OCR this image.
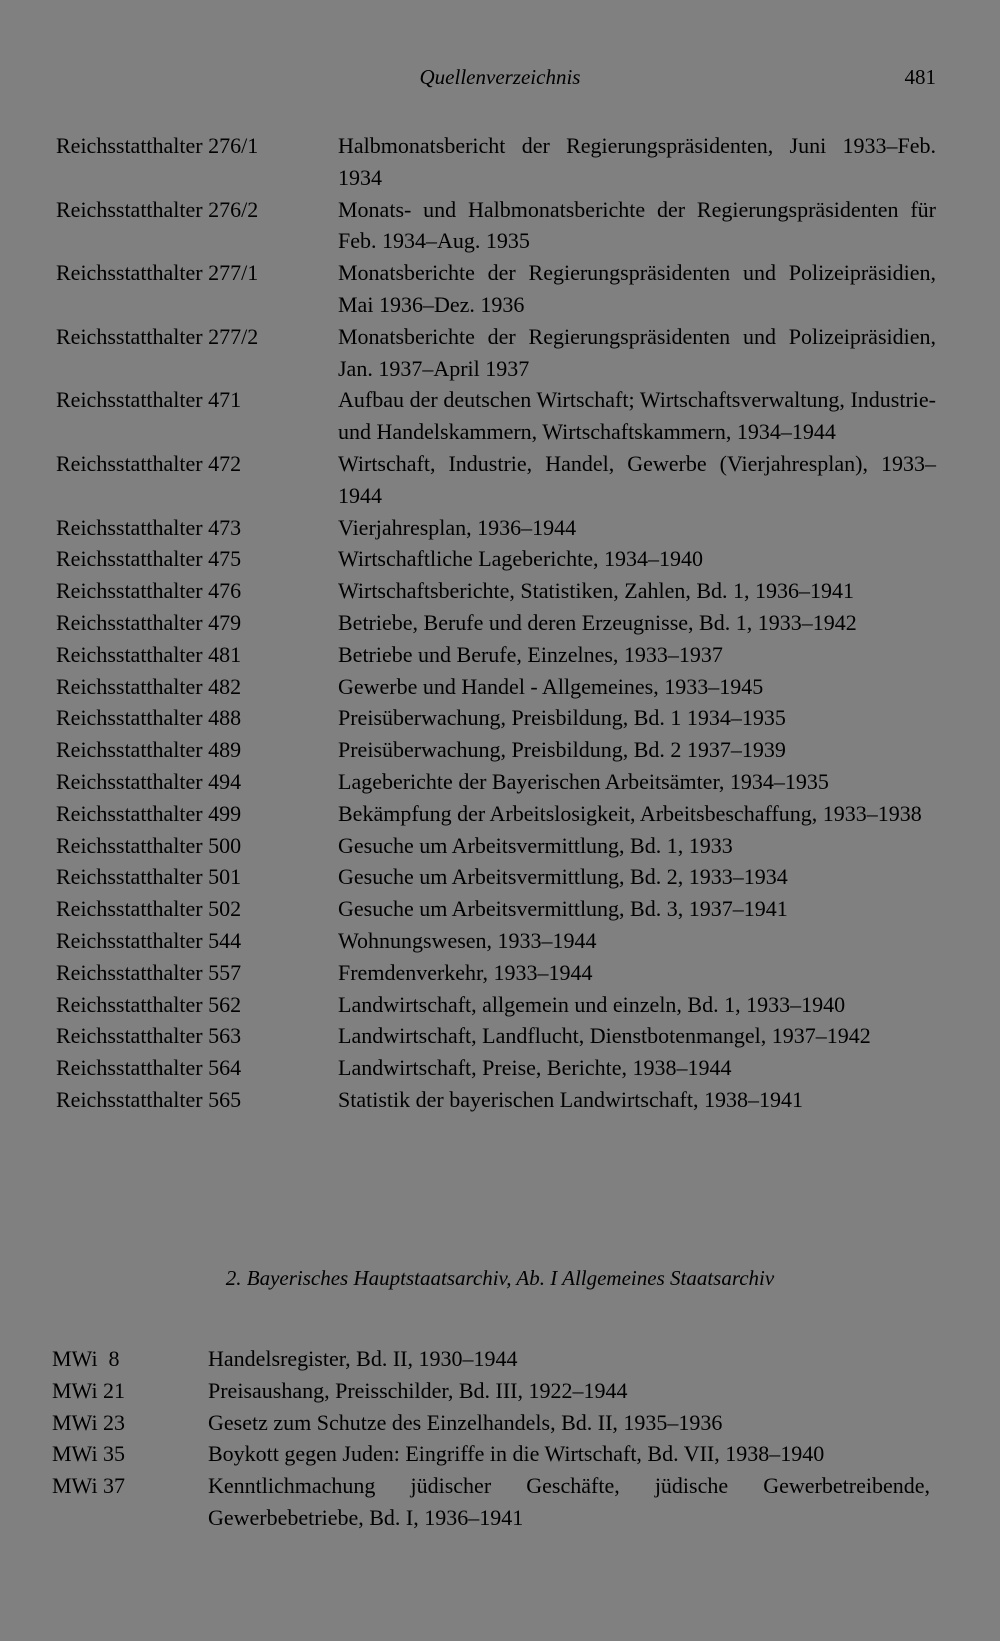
Quellenverzeichnis	481
Reichsstatthalter 276/1	Halbmonatsbericht der Regierungspräsidenten, Juni 1933–Feb. 1934
Reichsstatthalter 276/2	Monats- und Halbmonatsberichte der Regierungspräsidenten für Feb. 1934–Aug. 1935
Reichsstatthalter 277/1	Monatsberichte der Regierungspräsidenten und Polizeipräsidien, Mai 1936–Dez. 1936
Reichsstatthalter 277/2	Monatsberichte der Regierungspräsidenten und Polizeipräsidien, Jan. 1937–April 1937
Reichsstatthalter 471	Aufbau der deutschen Wirtschaft; Wirtschaftsverwaltung, Industrie- und Handelskammern, Wirtschaftskammern, 1934–1944
Reichsstatthalter 472	Wirtschaft, Industrie, Handel, Gewerbe (Vierjahresplan), 1933–1944
Reichsstatthalter 473	Vierjahresplan, 1936–1944
Reichsstatthalter 475	Wirtschaftliche Lageberichte, 1934–1940
Reichsstatthalter 476	Wirtschaftsberichte, Statistiken, Zahlen, Bd. 1, 1936–1941
Reichsstatthalter 479	Betriebe, Berufe und deren Erzeugnisse, Bd. 1, 1933–1942
Reichsstatthalter 481	Betriebe und Berufe, Einzelnes, 1933–1937
Reichsstatthalter 482	Gewerbe und Handel - Allgemeines, 1933–1945
Reichsstatthalter 488	Preisüberwachung, Preisbildung, Bd. 1 1934–1935
Reichsstatthalter 489	Preisüberwachung, Preisbildung, Bd. 2 1937–1939
Reichsstatthalter 494	Lageberichte der Bayerischen Arbeitsämter, 1934–1935
Reichsstatthalter 499	Bekämpfung der Arbeitslosigkeit, Arbeitsbeschaffung, 1933–1938
Reichsstatthalter 500	Gesuche um Arbeitsvermittlung, Bd. 1, 1933
Reichsstatthalter 501	Gesuche um Arbeitsvermittlung, Bd. 2, 1933–1934
Reichsstatthalter 502	Gesuche um Arbeitsvermittlung, Bd. 3, 1937–1941
Reichsstatthalter 544	Wohnungswesen, 1933–1944
Reichsstatthalter 557	Fremdenverkehr, 1933–1944
Reichsstatthalter 562	Landwirtschaft, allgemein und einzeln, Bd. 1, 1933–1940
Reichsstatthalter 563	Landwirtschaft, Landflucht, Dienstbotenmangel, 1937–1942
Reichsstatthalter 564	Landwirtschaft, Preise, Berichte, 1938–1944
Reichsstatthalter 565	Statistik der bayerischen Landwirtschaft, 1938–1941
2. Bayerisches Hauptstaatsarchiv, Ab. I Allgemeines Staatsarchiv
MWi  8	Handelsregister, Bd. II, 1930–1944
MWi 21	Preisaushang, Preisschilder, Bd. III, 1922–1944
MWi 23	Gesetz zum Schutze des Einzelhandels, Bd. II, 1935–1936
MWi 35	Boykott gegen Juden: Eingriffe in die Wirtschaft, Bd. VII, 1938–1940
MWi 37	Kenntlichmachung jüdischer Geschäfte, jüdische Gewerbetreibende, Gewerbebetriebe, Bd. I, 1936–1941
